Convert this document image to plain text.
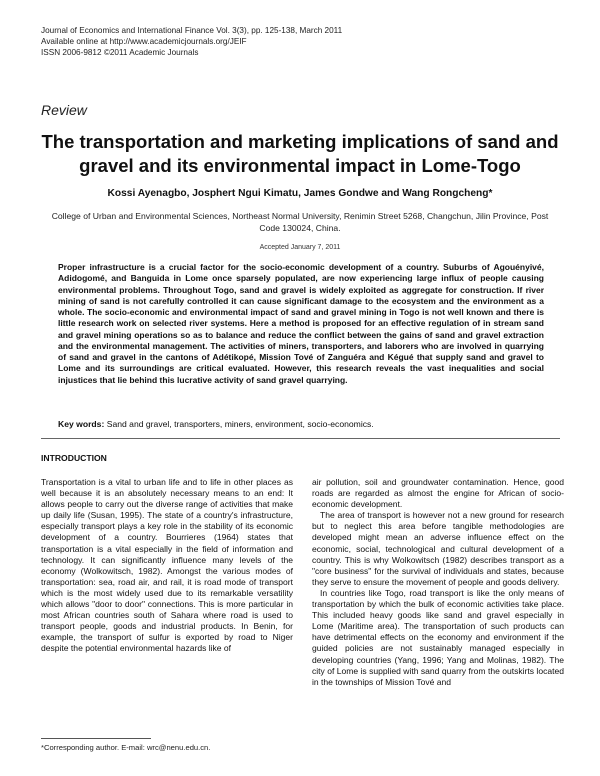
Journal of Economics and International Finance Vol. 3(3), pp. 125-138, March 2011
Available online at http://www.academicjournals.org/JEIF
ISSN 2006-9812 ©2011 Academic Journals
Review
The transportation and marketing implications of sand and gravel and its environmental impact in Lome-Togo
Kossi Ayenagbo, Josphert Ngui Kimatu, James Gondwe and Wang Rongcheng*
College of Urban and Environmental Sciences, Northeast Normal University, Renimin Street 5268, Changchun, Jilin Province, Post Code 130024, China.
Accepted January 7, 2011
Proper infrastructure is a crucial factor for the socio-economic development of a country. Suburbs of Agouényivé, Adidogomé, and Banguida in Lome once sparsely populated, are now experiencing large influx of people causing environmental problems. Throughout Togo, sand and gravel is widely exploited as aggregate for construction. If river mining of sand is not carefully controlled it can cause significant damage to the ecosystem and the environment as a whole. The socio-economic and environmental impact of sand and gravel mining in Togo is not well known and there is little research work on selected river systems. Here a method is proposed for an effective regulation of in stream sand and gravel mining operations so as to balance and reduce the conflict between the gains of sand and gravel extraction and the environmental management. The activities of miners, transporters, and laborers who are involved in quarrying of sand and gravel in the cantons of Adétikopé, Mission Tové of Zanguéra and Kégué that supply sand and gravel to Lome and its surroundings are critical evaluated. However, this research reveals the vast inequalities and social injustices that lie behind this lucrative activity of sand gravel quarrying.
Key words: Sand and gravel, transporters, miners, environment, socio-economics.
INTRODUCTION

Transportation is a vital to urban life and to life in other places as well because it is an absolutely necessary means to an end: It allows people to carry out the diverse range of activities that make up daily life (Susan, 1995). The state of a country's infrastructure, especially transport plays a key role in the stability of its economic development of a country. Bourrieres (1964) states that transportation is a vital especially in the field of information and technology. It can significantly influence many levels of the economy (Wolkowitsch, 1982). Amongst the various modes of transportation: sea, road air, and rail, it is road mode of transport which is the most widely used due to its remarkable versatility which allows "door to door" connections. This is more particular in most African countries south of Sahara where road is used to transport people, goods and industrial products. In Benin, for example, the transport of sulfur is exported by road to Niger despite the potential environmental hazards like of

air pollution, soil and groundwater contamination. Hence, good roads are regarded as almost the engine for African of socio-economic development.

The area of transport is however not a new ground for research but to neglect this area before tangible methodologies are developed might mean an adverse influence effect on the economic, social, technological and cultural development of a country. This is why Wolkowitsch (1982) describes transport as a "core business" for the survival of individuals and states, because they serve to ensure the movement of people and goods delivery.

In countries like Togo, road transport is like the only means of transportation by which the bulk of economic activities take place. This included heavy goods like sand and gravel especially in Lome (Maritime area). The transportation of such products can have detrimental effects on the economy and environment if the guided policies are not sustainably managed especially in developing countries (Yang, 1996; Yang and Molinas, 1982). The city of Lome is supplied with sand quarry from the outskirts located in the townships of Mission Tové and

*Corresponding author. E-mail: wrc@nenu.edu.cn.
